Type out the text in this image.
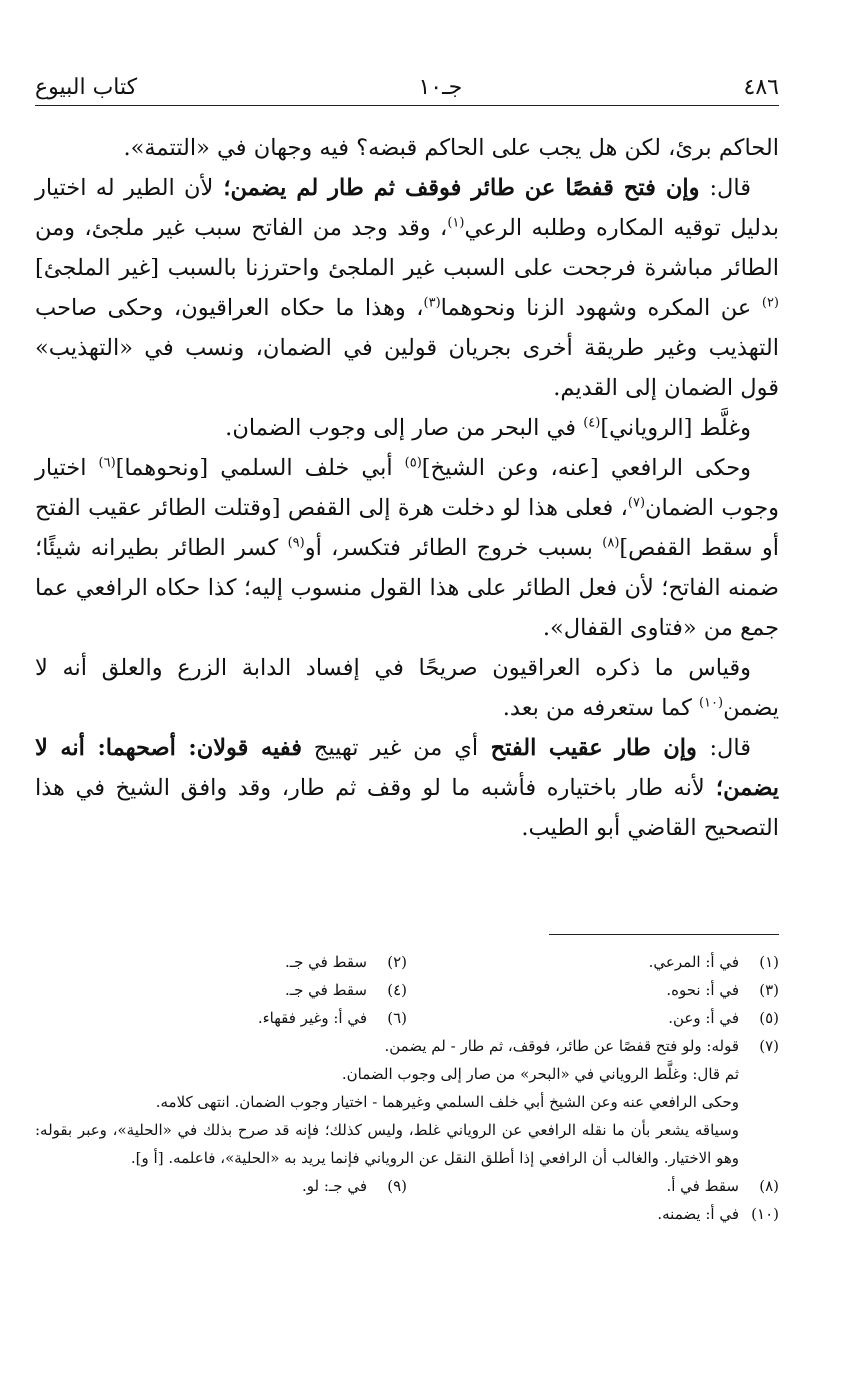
٤٨٦
جـ١٠
كتاب البيوع

الحاكم برئ، لكن هل يجب على الحاكم قبضه؟ فيه وجهان في «التتمة».

قال: وإن فتح قفصًا عن طائر فوقف ثم طار لم يضمن؛ لأن الطير له اختيار بدليل توقيه المكاره وطلبه الرعي$^{(١)}$، وقد وجد من الفاتح سبب غير ملجئ، ومن الطائر مباشرة فرجحت على السبب غير الملجئ واحترزنا بالسبب [غير الملجئ]$^{(٢)}$ عن المكره وشهود الزنا ونحوهما$^{(٣)}$، وهذا ما حكاه العراقيون، وحكى صاحب التهذيب وغير طريقة أخرى بجريان قولين في الضمان، ونسب في «التهذيب» قول الضمان إلى القديم.

وغلَّط [الروياني]$^{(٤)}$ في البحر من صار إلى وجوب الضمان.

وحكى الرافعي [عنه، وعن الشيخ]$^{(٥)}$ أبي خلف السلمي [ونحوهما]$^{(٦)}$ اختيار وجوب الضمان$^{(٧)}$، فعلى هذا لو دخلت هرة إلى القفص [وقتلت الطائر عقيب الفتح أو سقط القفص]$^{(٨)}$ بسبب خروج الطائر فتكسر، أو$^{(٩)}$ كسر الطائر بطيرانه شيئًا؛ ضمنه الفاتح؛ لأن فعل الطائر على هذا القول منسوب إليه؛ كذا حكاه الرافعي عما جمع من «فتاوى القفال».

وقياس ما ذكره العراقيون صريحًا في إفساد الدابة الزرع والعلق أنه لا يضمن$^{(١٠)}$ كما ستعرفه من بعد.

قال: وإن طار عقيب الفتح أي من غير تهييج ففيه قولان: أصحهما: أنه لا يضمن؛ لأنه طار باختياره فأشبه ما لو وقف ثم طار، وقد وافق الشيخ في هذا التصحيح القاضي أبو الطيب.

(١)
في أ: المرعي.
(٢)
سقط في جـ.
(٣)
في أ: نحوه.
(٤)
سقط في جـ.
(٥)
في أ: وعن.
(٦)
في أ: وغير فقهاء.
(٧)
قوله: ولو فتح قفصًا عن طائر، فوقف، ثم طار - لم يضمن.
ثم قال: وغلَّط الروياني في «البحر» من صار إلى وجوب الضمان.
وحكى الرافعي عنه وعن الشيخ أبي خلف السلمي وغيرهما - اختيار وجوب الضمان. انتهى كلامه.
وسياقه يشعر بأن ما نقله الرافعي عن الروياني غلط، وليس كذلك؛ فإنه قد صرح بذلك في «الحلية»، وعبر بقوله: وهو الاختيار. والغالب أن الرافعي إذا أطلق النقل عن الروياني فإنما يريد به «الحلية»، فاعلمه. [أ و].
(٨)
سقط في أ.
(٩)
في جـ: لو.
(١٠)
في أ: يضمنه.
